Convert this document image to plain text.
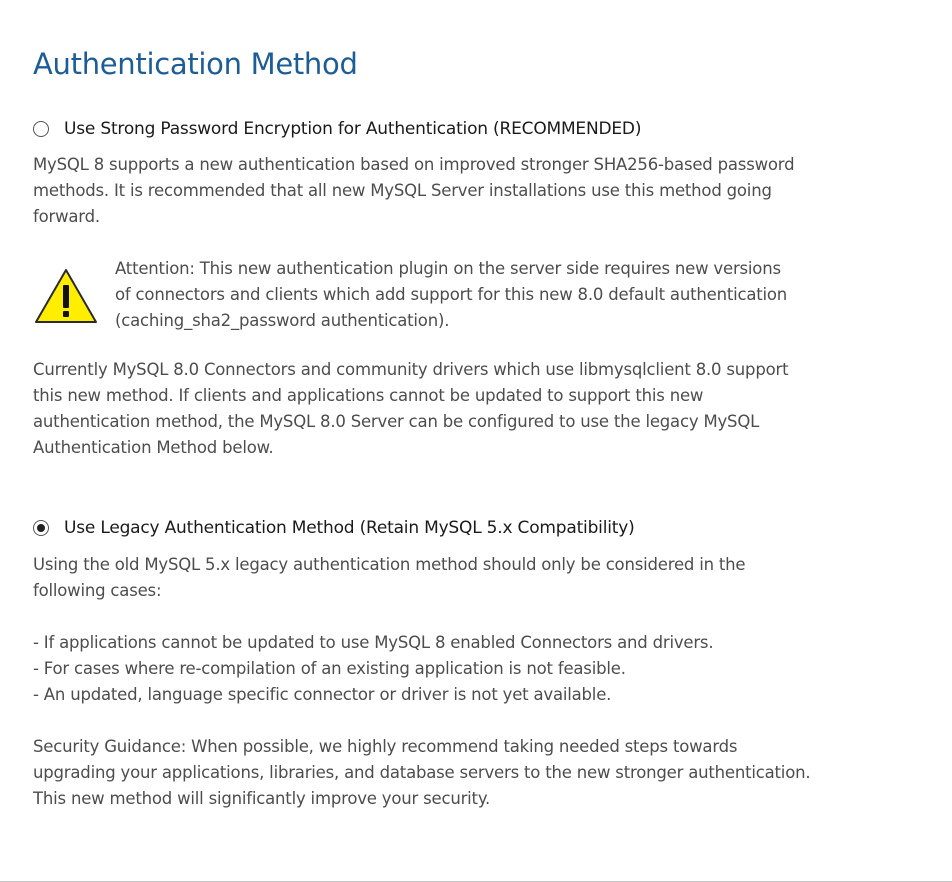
Authentication Method
Use Strong Password Encryption for Authentication (RECOMMENDED)
MySQL 8 supports a new authentication based on improved stronger SHA256-based password
methods. It is recommended that all new MySQL Server installations use this method going
forward.
Attention: This new authentication plugin on the server side requires new versions
of connectors and clients which add support for this new 8.0 default authentication
(caching_sha2_password authentication).
Currently MySQL 8.0 Connectors and community drivers which use libmysqlclient 8.0 support
this new method. If clients and applications cannot be updated to support this new
authentication method, the MySQL 8.0 Server can be configured to use the legacy MySQL
Authentication Method below.
Use Legacy Authentication Method (Retain MySQL 5.x Compatibility)
Using the old MySQL 5.x legacy authentication method should only be considered in the
following cases:
- If applications cannot be updated to use MySQL 8 enabled Connectors and drivers.
- For cases where re-compilation of an existing application is not feasible.
- An updated, language specific connector or driver is not yet available.
Security Guidance: When possible, we highly recommend taking needed steps towards
upgrading your applications, libraries, and database servers to the new stronger authentication.
This new method will significantly improve your security.
